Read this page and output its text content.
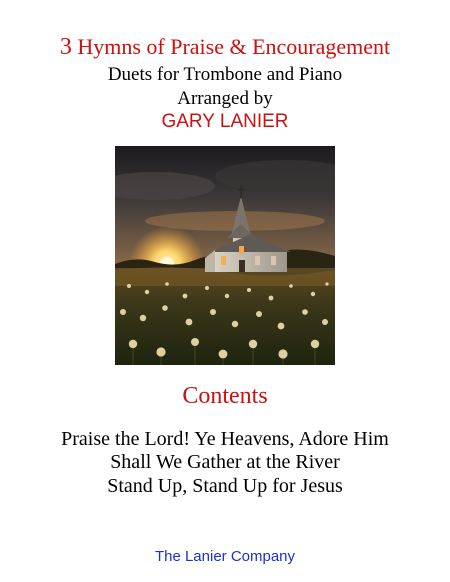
3 Hymns of Praise & Encouragement
Duets for Trombone and Piano
Arranged by
GARY LANIER
Contents
Praise the Lord! Ye Heavens, Adore Him
Shall We Gather at the River
Stand Up, Stand Up for Jesus
The Lanier Company
